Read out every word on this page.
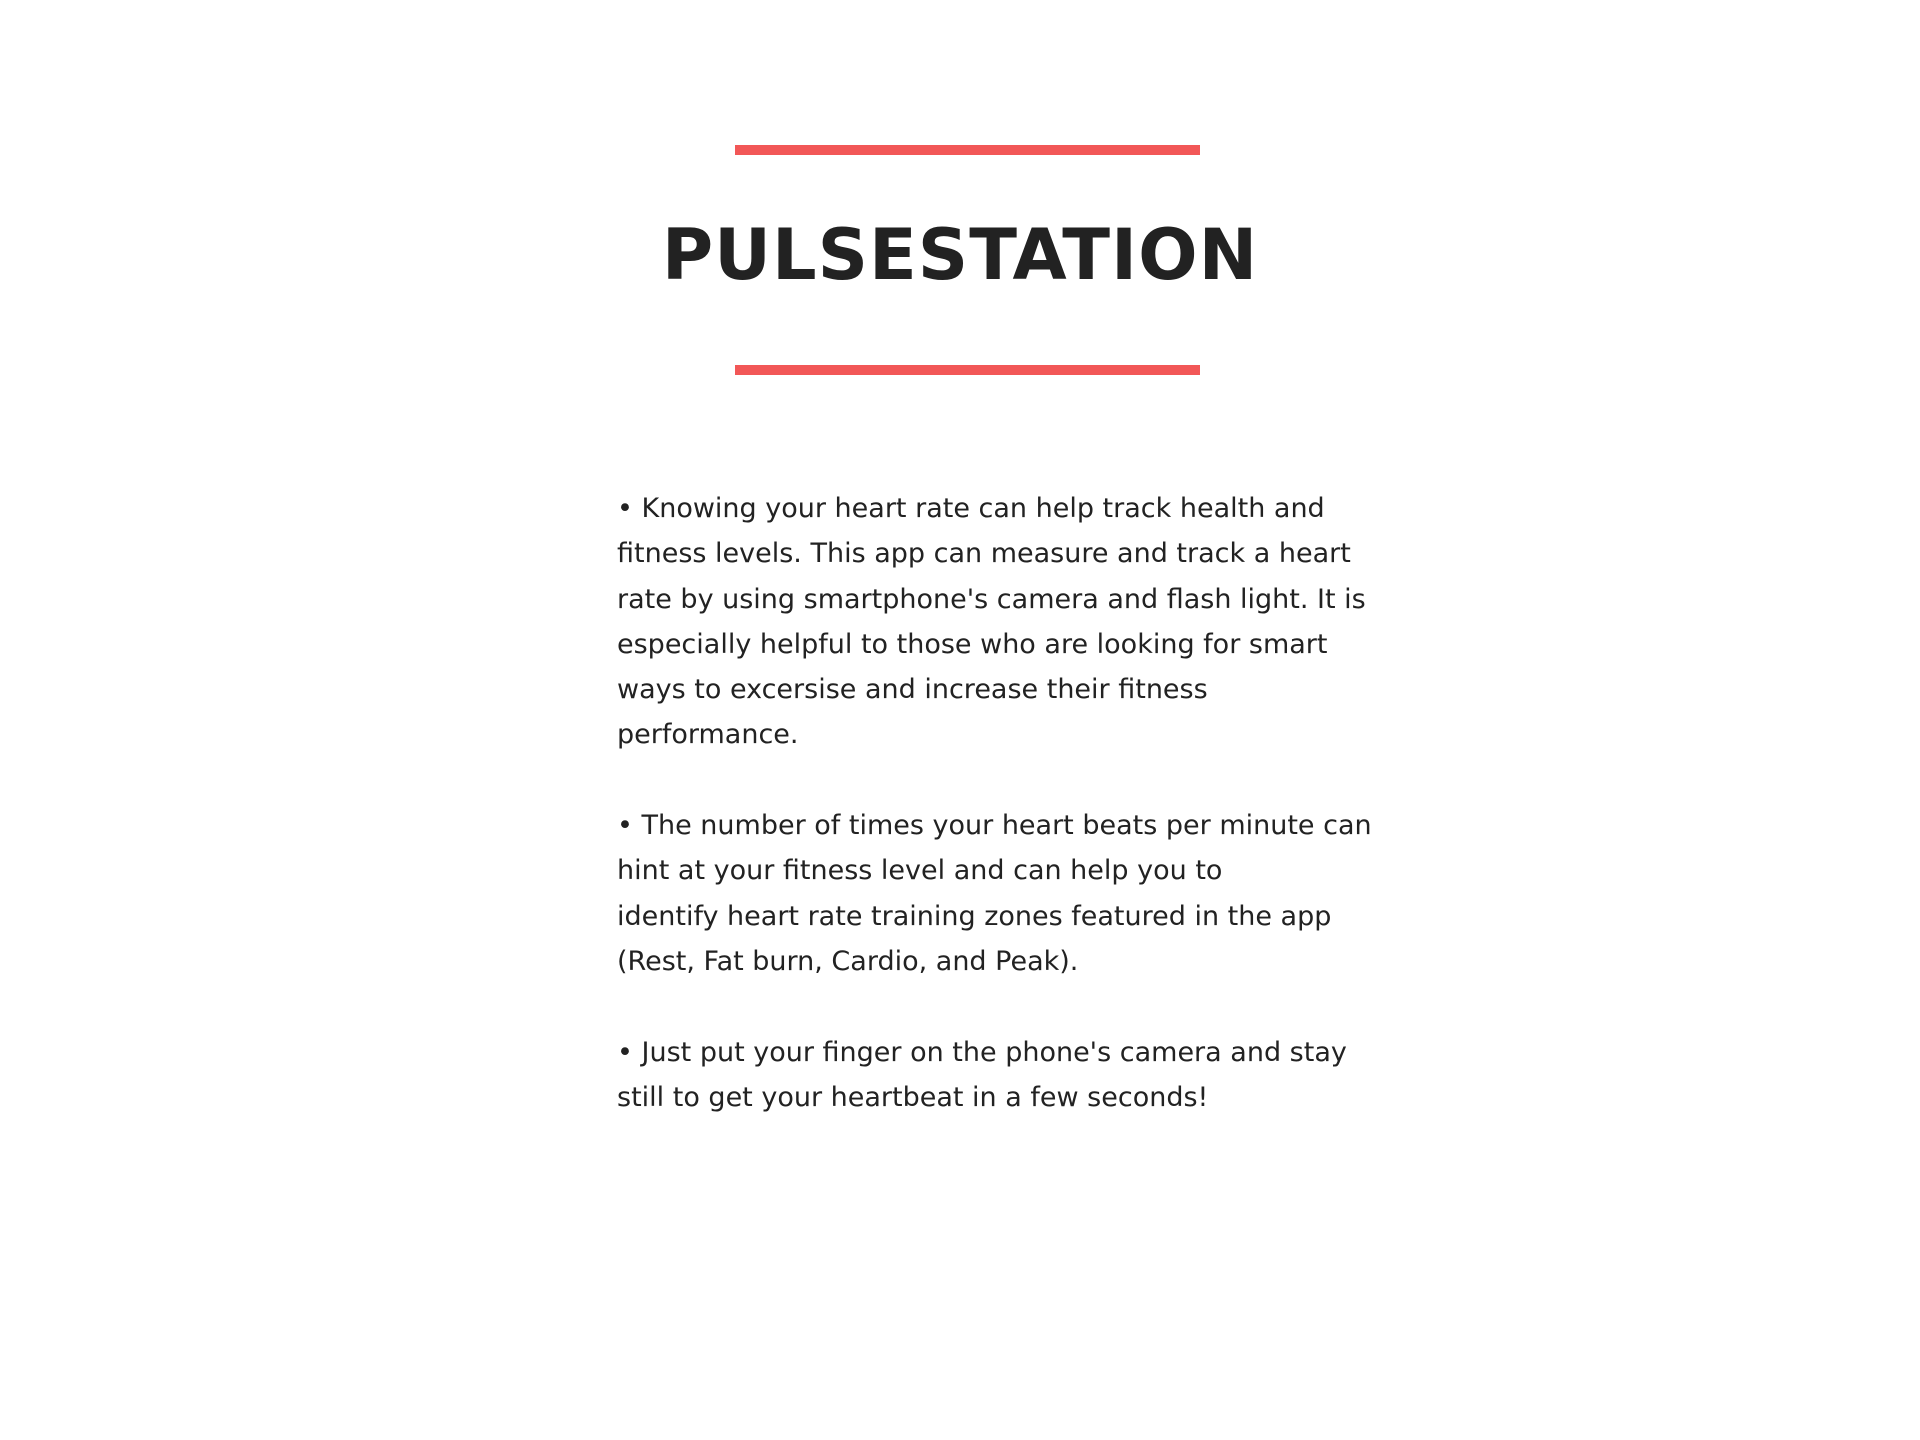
PULSESTATION

• Knowing your heart rate can help track health and
fitness levels. This app can measure and track a heart
rate by using smartphone's camera and flash light. It is
especially helpful to those who are looking for smart
ways to excersise and increase their fitness
performance.

• The number of times your heart beats per minute can
hint at your fitness level and can help you to
identify heart rate training zones featured in the app
(Rest, Fat burn, Cardio, and Peak).

• Just put your finger on the phone's camera and stay
still to get your heartbeat in a few seconds!
